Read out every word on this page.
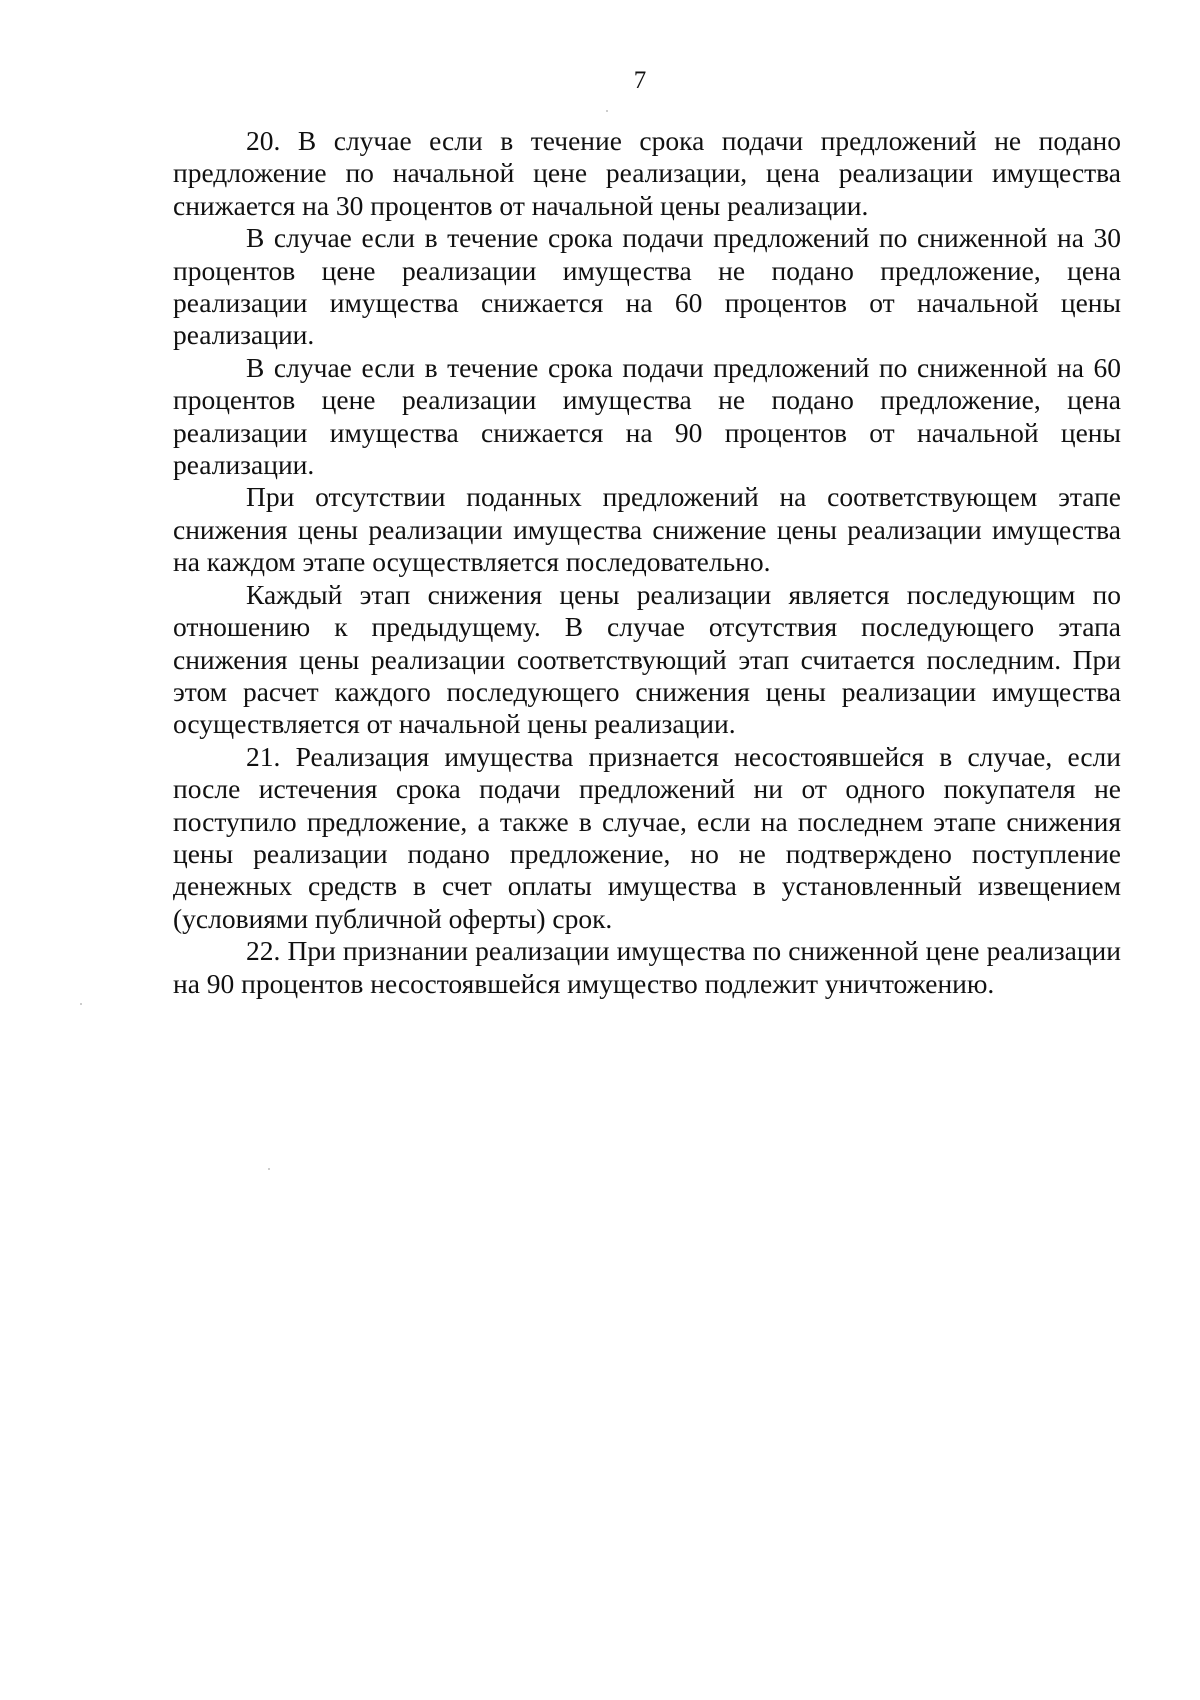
7

20. В случае если в течение срока подачи предложений не подано предложение по начальной цене реализации, цена реализации имущества снижается на 30 процентов от начальной цены реализации.

В случае если в течение срока подачи предложений по сниженной на 30 процентов цене реализации имущества не подано предложение, цена реализации имущества снижается на 60 процентов от начальной цены реализации.

В случае если в течение срока подачи предложений по сниженной на 60 процентов цене реализации имущества не подано предложение, цена реализации имущества снижается на 90 процентов от начальной цены реализации.

При отсутствии поданных предложений на соответствующем этапе снижения цены реализации имущества снижение цены реализации имущества на каждом этапе осуществляется последовательно.

Каждый этап снижения цены реализации является последующим по отношению к предыдущему. В случае отсутствия последующего этапа снижения цены реализации соответствующий этап считается последним. При этом расчет каждого последующего снижения цены реализации имущества осуществляется от начальной цены реализации.

21. Реализация имущества признается несостоявшейся в случае, если после истечения срока подачи предложений ни от одного покупателя не поступило предложение, а также в случае, если на последнем этапе снижения цены реализации подано предложение, но не подтверждено поступление денежных средств в счет оплаты имущества в установленный извещением (условиями публичной оферты) срок.

22. При признании реализации имущества по сниженной цене реализации на 90 процентов несостоявшейся имущество подлежит уничтожению.
